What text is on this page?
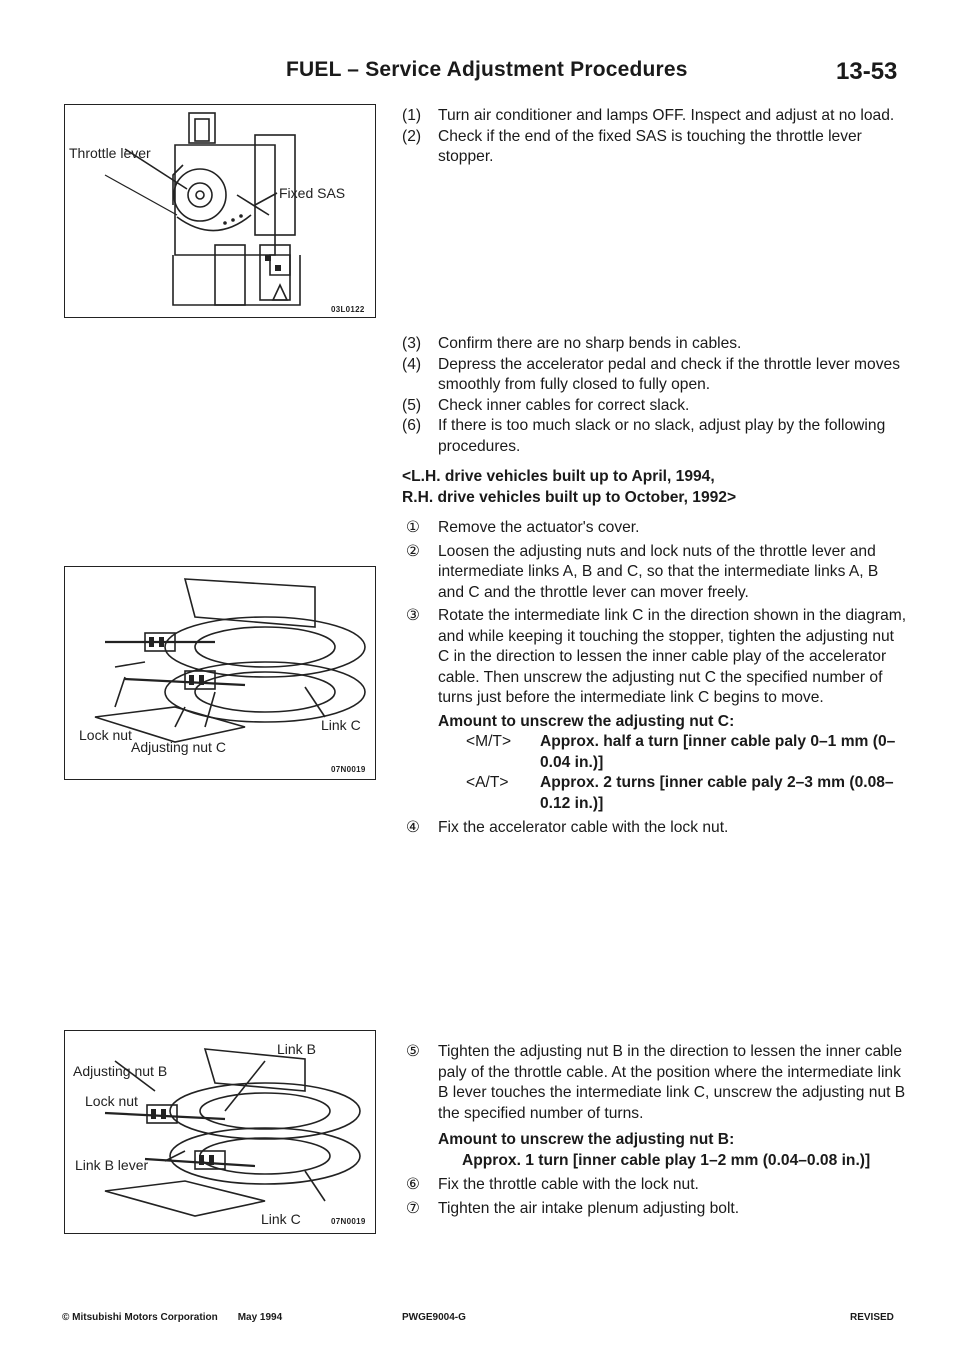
FUEL – Service Adjustment Procedures	13-53
Throttle lever
Fixed SAS
03L0122
Lock nut
Adjusting nut C
Link C
07N0019
Adjusting nut B
Link B
Lock nut
Link B lever
Link C	07N0019

(1) Turn air conditioner and lamps OFF. Inspect and adjust at no load.

(2) Check if the end of the fixed SAS is touching the throttle lever stopper.

(3) Confirm there are no sharp bends in cables.

(4) Depress the accelerator pedal and check if the throttle lever moves smoothly from fully closed to fully open.

(5) Check inner cables for correct slack.

(6) If there is too much slack or no slack, adjust play by the following procedures.

<L.H. drive vehicles built up to April, 1994,
R.H. drive vehicles built up to October, 1992>

① Remove the actuator's cover.

② Loosen the adjusting nuts and lock nuts of the throttle lever and intermediate links A, B and C, so that the intermediate links A, B and C and the throttle lever can mover freely.

③ Rotate the intermediate link C in the direction shown in the diagram, and while keeping it touching the stopper, tighten the adjusting nut C in the direction to lessen the inner cable play of the accelerator cable. Then unscrew the adjusting nut C the specified number of turns just before the intermediate link C begins to move.

Amount to unscrew the adjusting nut C:
<M/T> Approx. half a turn [inner cable paly 0–1 mm (0–0.04 in.)]
<A/T> Approx. 2 turns [inner cable paly 2–3 mm (0.08–0.12 in.)]

④ Fix the accelerator cable with the lock nut.

⑤ Tighten the adjusting nut B in the direction to lessen the inner cable paly of the throttle cable. At the position where the intermediate link B lever touches the intermediate link C, unscrew the adjusting nut B the specified number of turns.

Amount to unscrew the adjusting nut B:
Approx. 1 turn [inner cable play 1–2 mm (0.04–0.08 in.)]

⑥ Fix the throttle cable with the lock nut.

⑦ Tighten the air intake plenum adjusting bolt.

© Mitsubishi Motors Corporation May 1994	PWGE9004-G	REVISED
